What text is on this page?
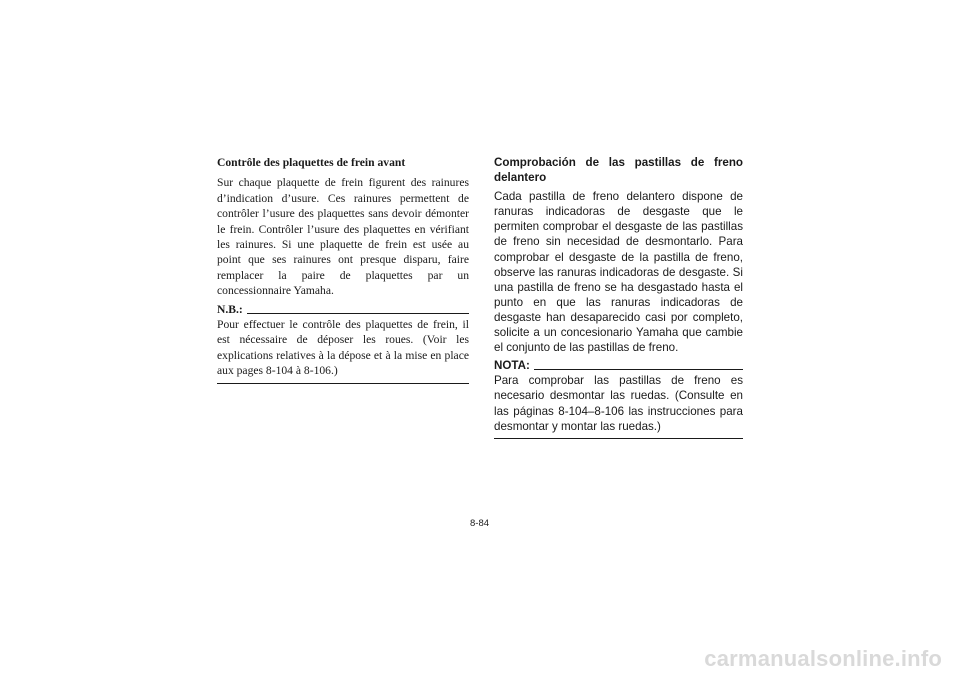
Contrôle des plaquettes de frein avant

Sur chaque plaquette de frein figurent des rainures d’indication d’usure. Ces rainures permettent de contrôler l’usure des plaquettes sans devoir démonter le frein. Contrôler l’usure des plaquettes en vérifiant les rainures. Si une plaquette de frein est usée au point que ses rainures ont presque disparu, faire remplacer la paire de plaquettes par un concessionnaire Yamaha.

N.B.:

Pour effectuer le contrôle des plaquettes de frein, il est nécessaire de déposer les roues. (Voir les explications relatives à la dépose et à la mise en place aux pages 8-104 à 8-106.)

Comprobación de las pastillas de freno delantero

Cada pastilla de freno delantero dispone de ranuras indicadoras de desgaste que le permiten comprobar el desgaste de las pastillas de freno sin necesidad de desmontarlo. Para comprobar el desgaste de la pastilla de freno, observe las ranuras indicadoras de desgaste. Si una pastilla de freno se ha desgastado hasta el punto en que las ranuras indicadoras de desgaste han desaparecido casi por completo, solicite a un concesionario Yamaha que cambie el conjunto de las pastillas de freno.

NOTA:

Para comprobar las pastillas de freno es necesario desmontar las ruedas. (Consulte en las páginas 8-104–8-106 las instrucciones para desmontar y montar las ruedas.)

8-84
carmanualsonline.info
